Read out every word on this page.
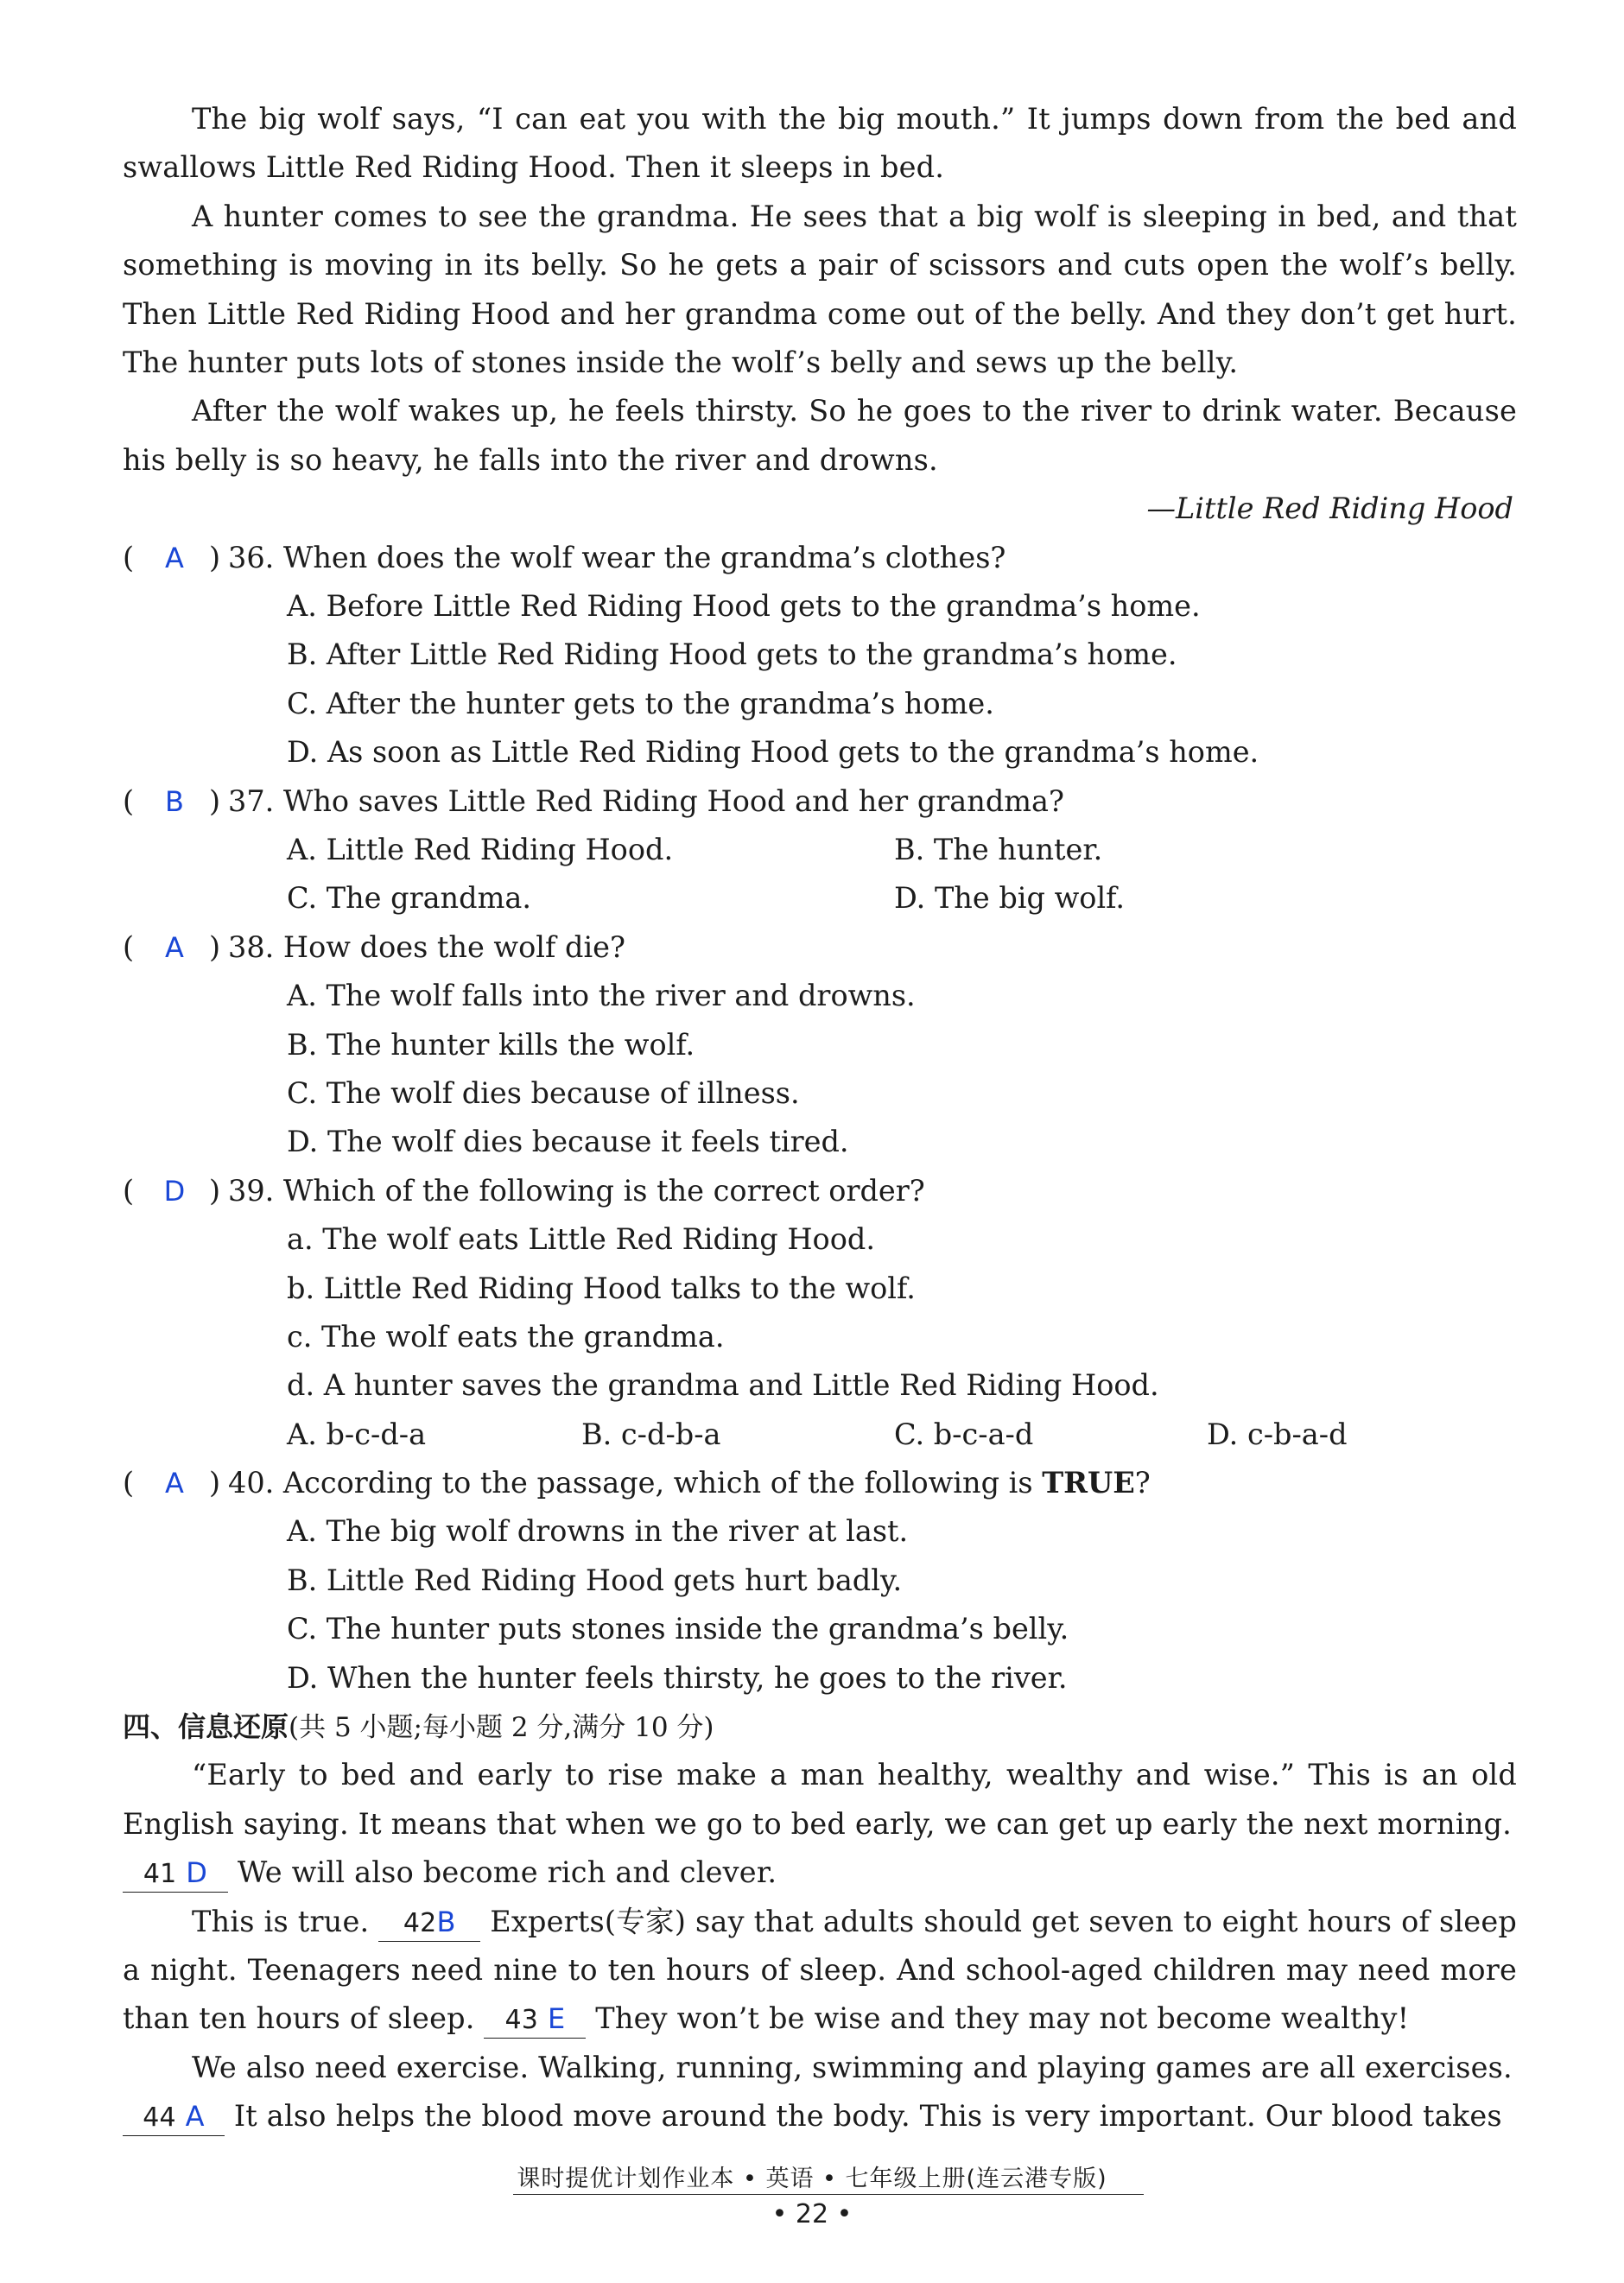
The big wolf says, “I can eat you with the big mouth.” It jumps down from the bed and swallows Little Red Riding Hood. Then it sleeps in bed.

A hunter comes to see the grandma. He sees that a big wolf is sleeping in bed, and that something is moving in its belly. So he gets a pair of scissors and cuts open the wolf’s belly. Then Little Red Riding Hood and her grandma come out of the belly. And they don’t get hurt. The hunter puts lots of stones inside the wolf’s belly and sews up the belly.

After the wolf wakes up, he feels thirsty. So he goes to the river to drink water. Because his belly is so heavy, he falls into the river and drowns.

—Little Red Riding Hood

( A ) 36. When does the wolf wear the grandma’s clothes?
A. Before Little Red Riding Hood gets to the grandma’s home.
B. After Little Red Riding Hood gets to the grandma’s home.
C. After the hunter gets to the grandma’s home.
D. As soon as Little Red Riding Hood gets to the grandma’s home.
( B ) 37. Who saves Little Red Riding Hood and her grandma?
A. Little Red Riding Hood.	B. The hunter.
C. The grandma.	D. The big wolf.
( A ) 38. How does the wolf die?
A. The wolf falls into the river and drowns.
B. The hunter kills the wolf.
C. The wolf dies because of illness.
D. The wolf dies because it feels tired.
( D ) 39. Which of the following is the correct order?
a. The wolf eats Little Red Riding Hood.
b. Little Red Riding Hood talks to the wolf.
c. The wolf eats the grandma.
d. A hunter saves the grandma and Little Red Riding Hood.
A. b-c-d-a	B. c-d-b-a	C. b-c-a-d	D. c-b-a-d
( A ) 40. According to the passage, which of the following is TRUE?
A. The big wolf drowns in the river at last.
B. Little Red Riding Hood gets hurt badly.
C. The hunter puts stones inside the grandma’s belly.
D. When the hunter feels thirsty, he goes to the river.
四、信息还原(共 5 小题;每小题 2 分,满分 10 分)

“Early to bed and early to rise make a man healthy, wealthy and wise.” This is an old English saying. It means that when we go to bed early, we can get up early the next morning.
41 D We will also become rich and clever.

This is true. 42B Experts(专家) say that adults should get seven to eight hours of sleep a night. Teenagers need nine to ten hours of sleep. And school-aged children may need more than ten hours of sleep. 43 E They won’t be wise and they may not become wealthy!

We also need exercise. Walking, running, swimming and playing games are all exercises.
44 A It also helps the blood move around the body. This is very important. Our blood takes

课时提优计划作业本 • 英语 • 七年级上册(连云港专版)
• 22 •
